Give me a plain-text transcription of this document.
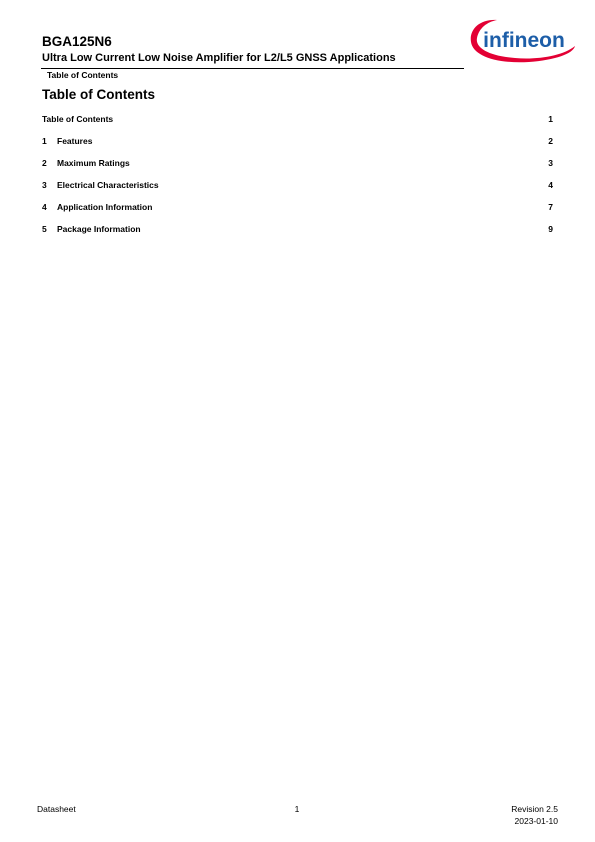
BGA125N6
Ultra Low Current Low Noise Amplifier for L2/L5 GNSS Applications
Table of Contents
infineon
Table of Contents
Table of Contents	1
1 Features	2
2 Maximum Ratings	3
3 Electrical Characteristics	4
4 Application Information	7
5 Package Information	9
Datasheet	1	Revision 2.5
2023-01-10
